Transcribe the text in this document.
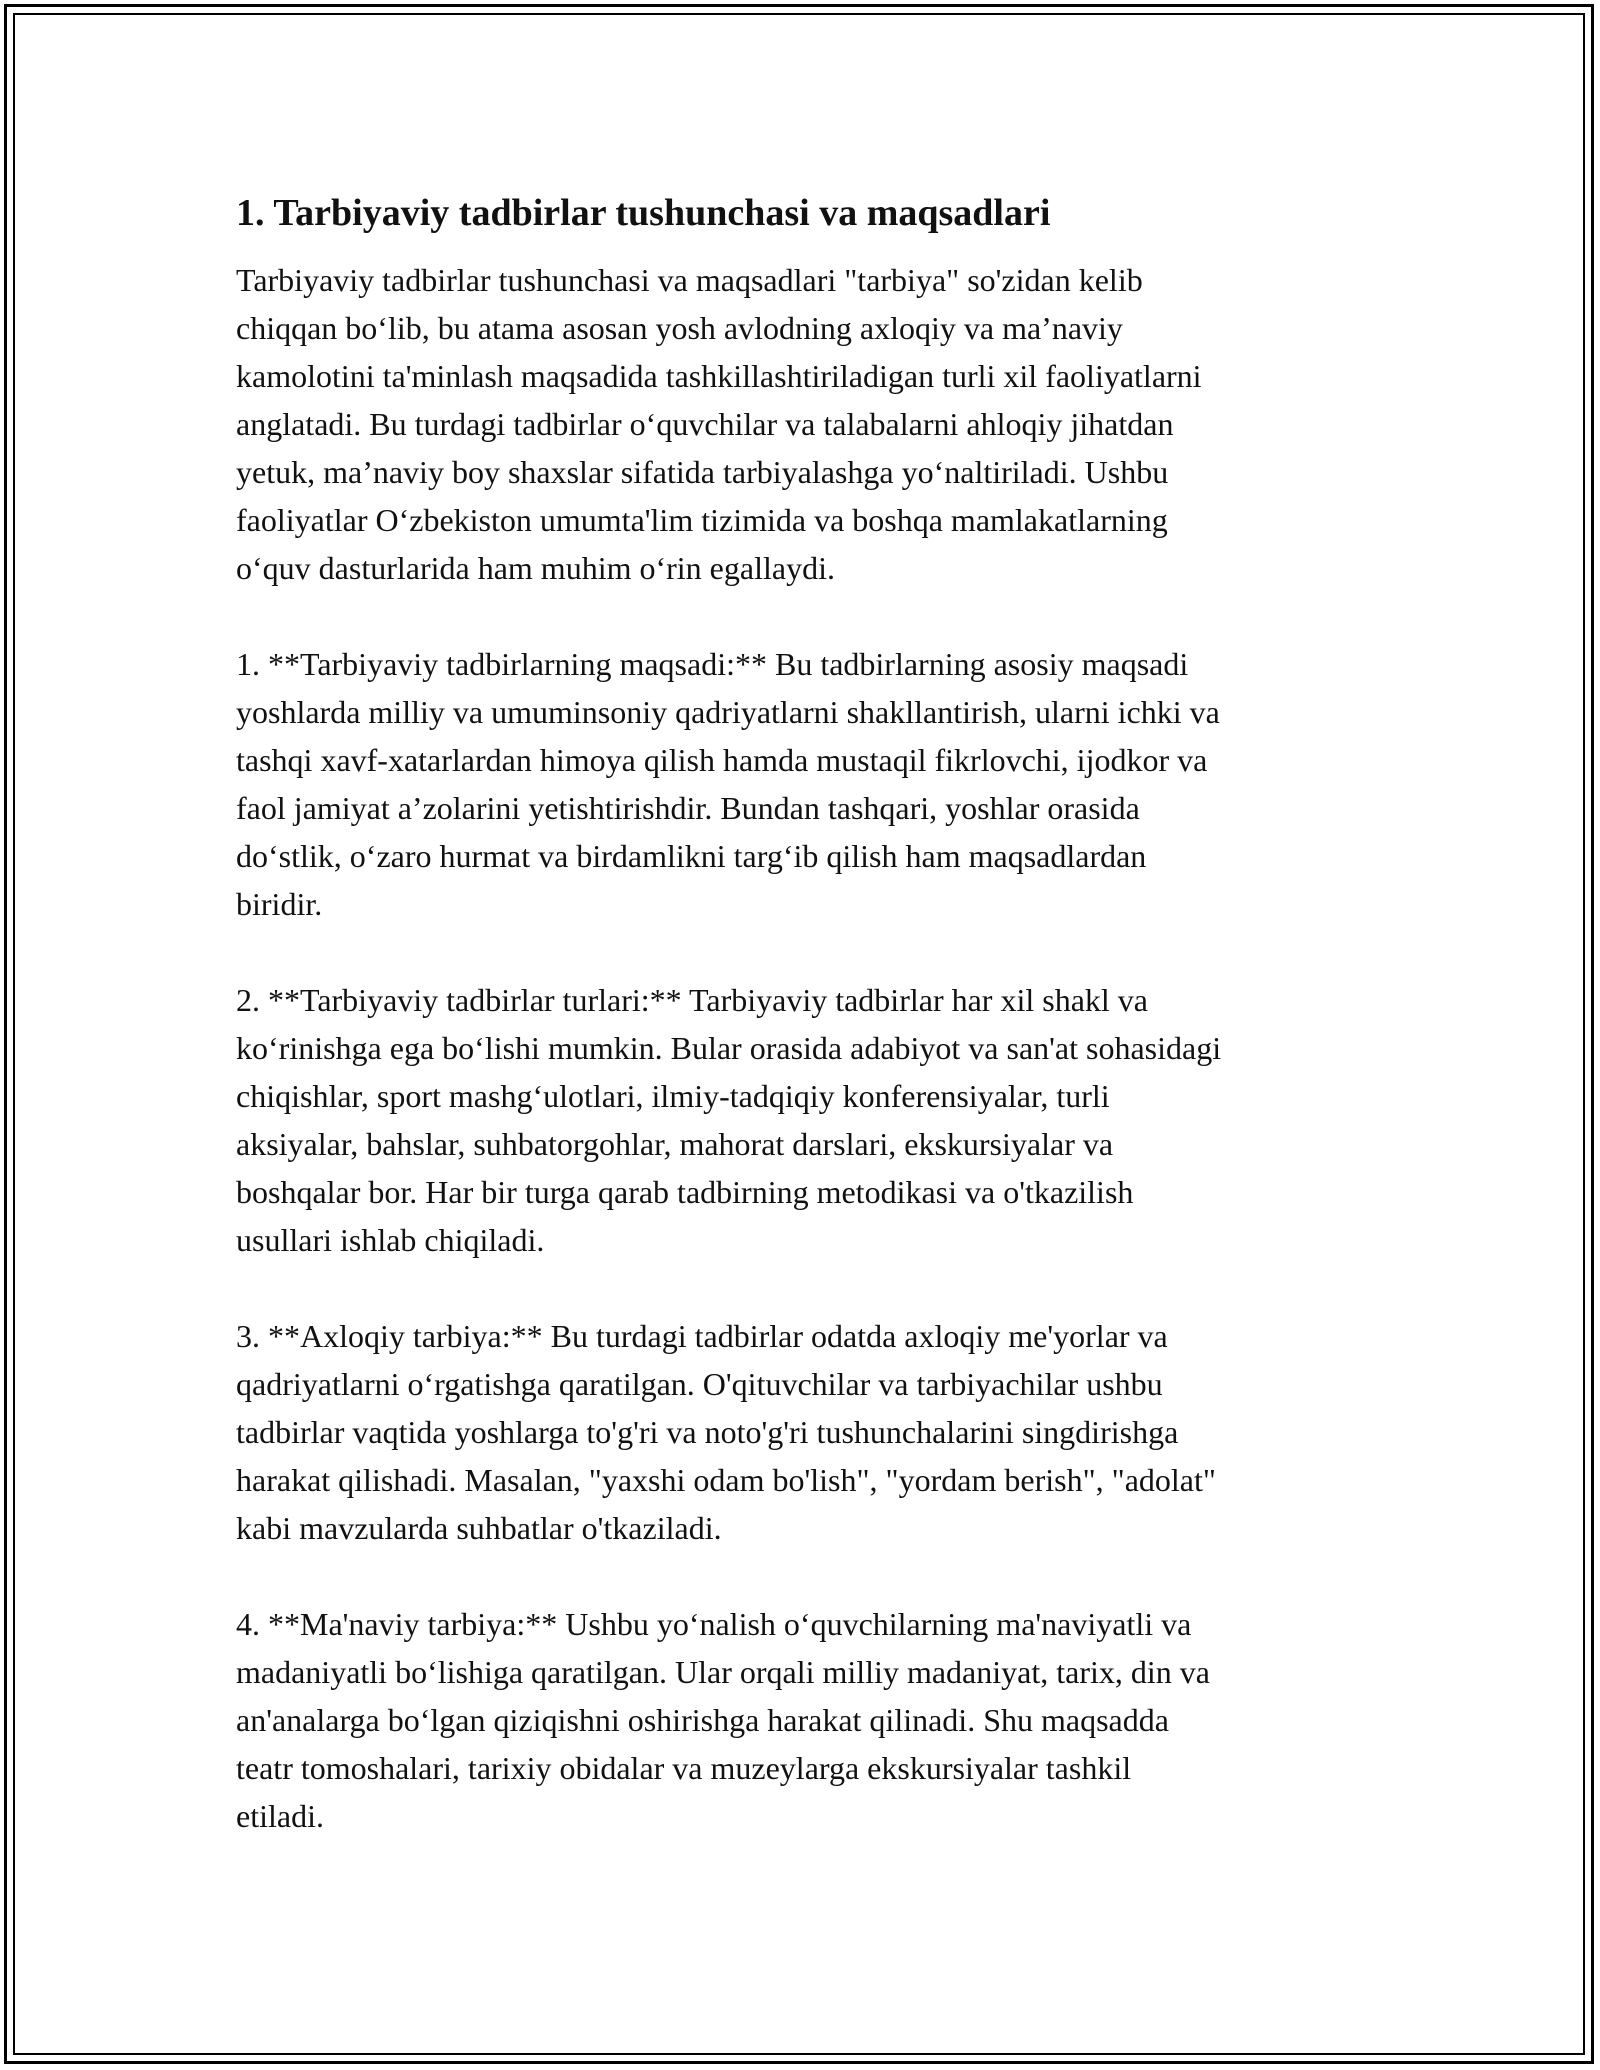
1. Tarbiyaviy tadbirlar tushunchasi va maqsadlari
Tarbiyaviy tadbirlar tushunchasi va maqsadlari "tarbiya" so'zidan kelib
chiqqan bo‘lib, bu atama asosan yosh avlodning axloqiy va ma’naviy
kamolotini ta'minlash maqsadida tashkillashtiriladigan turli xil faoliyatlarni
anglatadi. Bu turdagi tadbirlar o‘quvchilar va talabalarni ahloqiy jihatdan
yetuk, ma’naviy boy shaxslar sifatida tarbiyalashga yo‘naltiriladi. Ushbu
faoliyatlar O‘zbekiston umumta'lim tizimida va boshqa mamlakatlarning
o‘quv dasturlarida ham muhim o‘rin egallaydi.
1. **Tarbiyaviy tadbirlarning maqsadi:** Bu tadbirlarning asosiy maqsadi
yoshlarda milliy va umuminsoniy qadriyatlarni shakllantirish, ularni ichki va
tashqi xavf-xatarlardan himoya qilish hamda mustaqil fikrlovchi, ijodkor va
faol jamiyat a’zolarini yetishtirishdir. Bundan tashqari, yoshlar orasida
do‘stlik, o‘zaro hurmat va birdamlikni targ‘ib qilish ham maqsadlardan
biridir.
2. **Tarbiyaviy tadbirlar turlari:** Tarbiyaviy tadbirlar har xil shakl va
ko‘rinishga ega bo‘lishi mumkin. Bular orasida adabiyot va san'at sohasidagi
chiqishlar, sport mashg‘ulotlari, ilmiy-tadqiqiy konferensiyalar, turli
aksiyalar, bahslar, suhbatorgohlar, mahorat darslari, ekskursiyalar va
boshqalar bor. Har bir turga qarab tadbirning metodikasi va o'tkazilish
usullari ishlab chiqiladi.
3. **Axloqiy tarbiya:** Bu turdagi tadbirlar odatda axloqiy me'yorlar va
qadriyatlarni o‘rgatishga qaratilgan. O'qituvchilar va tarbiyachilar ushbu
tadbirlar vaqtida yoshlarga to'g'ri va noto'g'ri tushunchalarini singdirishga
harakat qilishadi. Masalan, "yaxshi odam bo'lish", "yordam berish", "adolat"
kabi mavzularda suhbatlar o'tkaziladi.
4. **Ma'naviy tarbiya:** Ushbu yo‘nalish o‘quvchilarning ma'naviyatli va
madaniyatli bo‘lishiga qaratilgan. Ular orqali milliy madaniyat, tarix, din va
an'analarga bo‘lgan qiziqishni oshirishga harakat qilinadi. Shu maqsadda
teatr tomoshalari, tarixiy obidalar va muzeylarga ekskursiyalar tashkil
etiladi.
